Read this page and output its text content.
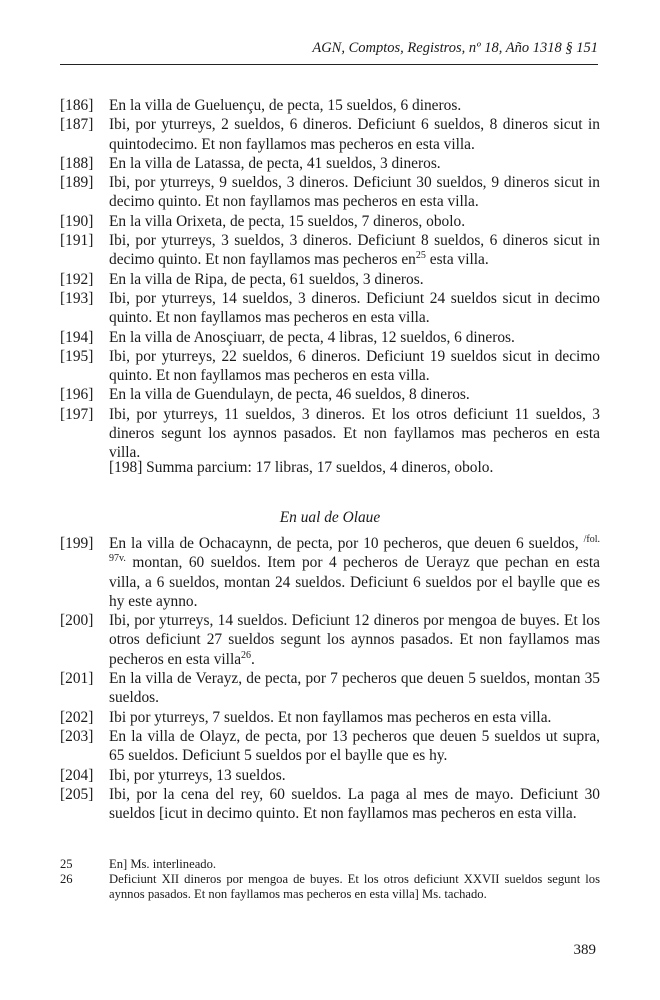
AGN, Comptos, Registros, nº 18, Año 1318 § 151
[186] En la villa de Gueluençu, de pecta, 15 sueldos, 6 dineros.
[187] Ibi, por yturreys, 2 sueldos, 6 dineros. Deficiunt 6 sueldos, 8 dineros sicut in quintodecimo. Et non fayllamos mas pecheros en esta villa.
[188] En la villa de Latassa, de pecta, 41 sueldos, 3 dineros.
[189] Ibi, por yturreys, 9 sueldos, 3 dineros. Deficiunt 30 sueldos, 9 dineros sicut in decimo quinto. Et non fayllamos mas pecheros en esta villa.
[190] En la villa Orixeta, de pecta, 15 sueldos, 7 dineros, obolo.
[191] Ibi, por yturreys, 3 sueldos, 3 dineros. Deficiunt 8 sueldos, 6 dineros sicut in decimo quinto. Et non fayllamos mas pecheros $en^{25}$ esta villa.
[192] En la villa de Ripa, de pecta, 61 sueldos, 3 dineros.
[193] Ibi, por yturreys, 14 sueldos, 3 dineros. Deficiunt 24 sueldos sicut in decimo quinto. Et non fayllamos mas pecheros en esta villa.
[194] En la villa de Anosçiuarr, de pecta, 4 libras, 12 sueldos, 6 dineros.
[195] Ibi, por yturreys, 22 sueldos, 6 dineros. Deficiunt 19 sueldos sicut in decimo quinto. Et non fayllamos mas pecheros en esta villa.
[196] En la villa de Guendulayn, de pecta, 46 sueldos, 8 dineros.
[197] Ibi, por yturreys, 11 sueldos, 3 dineros. Et los otros deficiunt 11 sueldos, 3 dineros segunt los aynnos pasados. Et non fayllamos mas pecheros en esta villa.
[198] Summa parcium: 17 libras, 17 sueldos, 4 dineros, obolo.
En ual de Olaue
[199] En la villa de Ochacaynn, de pecta, por 10 pecheros, que deuen 6 sueldos, $^{/fol. 97v.}$ montan, 60 sueldos. Item por 4 pecheros de Uerayz que pechan en esta villa, a 6 sueldos, montan 24 sueldos. Deficiunt 6 sueldos por el baylle que es hy este aynno.
[200] Ibi, por yturreys, 14 sueldos. Deficiunt 12 dineros por mengoa de buyes. Et los otros deficiunt 27 sueldos segunt los aynnos pasados. Et non fayllamos mas pecheros en esta villa$^{26}$.
[201] En la villa de Verayz, de pecta, por 7 pecheros que deuen 5 sueldos, montan 35 sueldos.
[202] Ibi por yturreys, 7 sueldos. Et non fayllamos mas pecheros en esta villa.
[203] En la villa de Olayz, de pecta, por 13 pecheros que deuen 5 sueldos ut supra, 65 sueldos. Deficiunt 5 sueldos por el baylle que es hy.
[204] Ibi, por yturreys, 13 sueldos.
[205] Ibi, por la cena del rey, 60 sueldos. La paga al mes de mayo. Deficiunt 30 sueldos [icut in decimo quinto. Et non fayllamos mas pecheros en esta villa.
25	En] Ms. interlineado.
26	Deficiunt XII dineros por mengoa de buyes. Et los otros deficiunt XXVII sueldos segunt los aynnos pasados. Et non fayllamos mas pecheros en esta villa] Ms. tachado.
389
